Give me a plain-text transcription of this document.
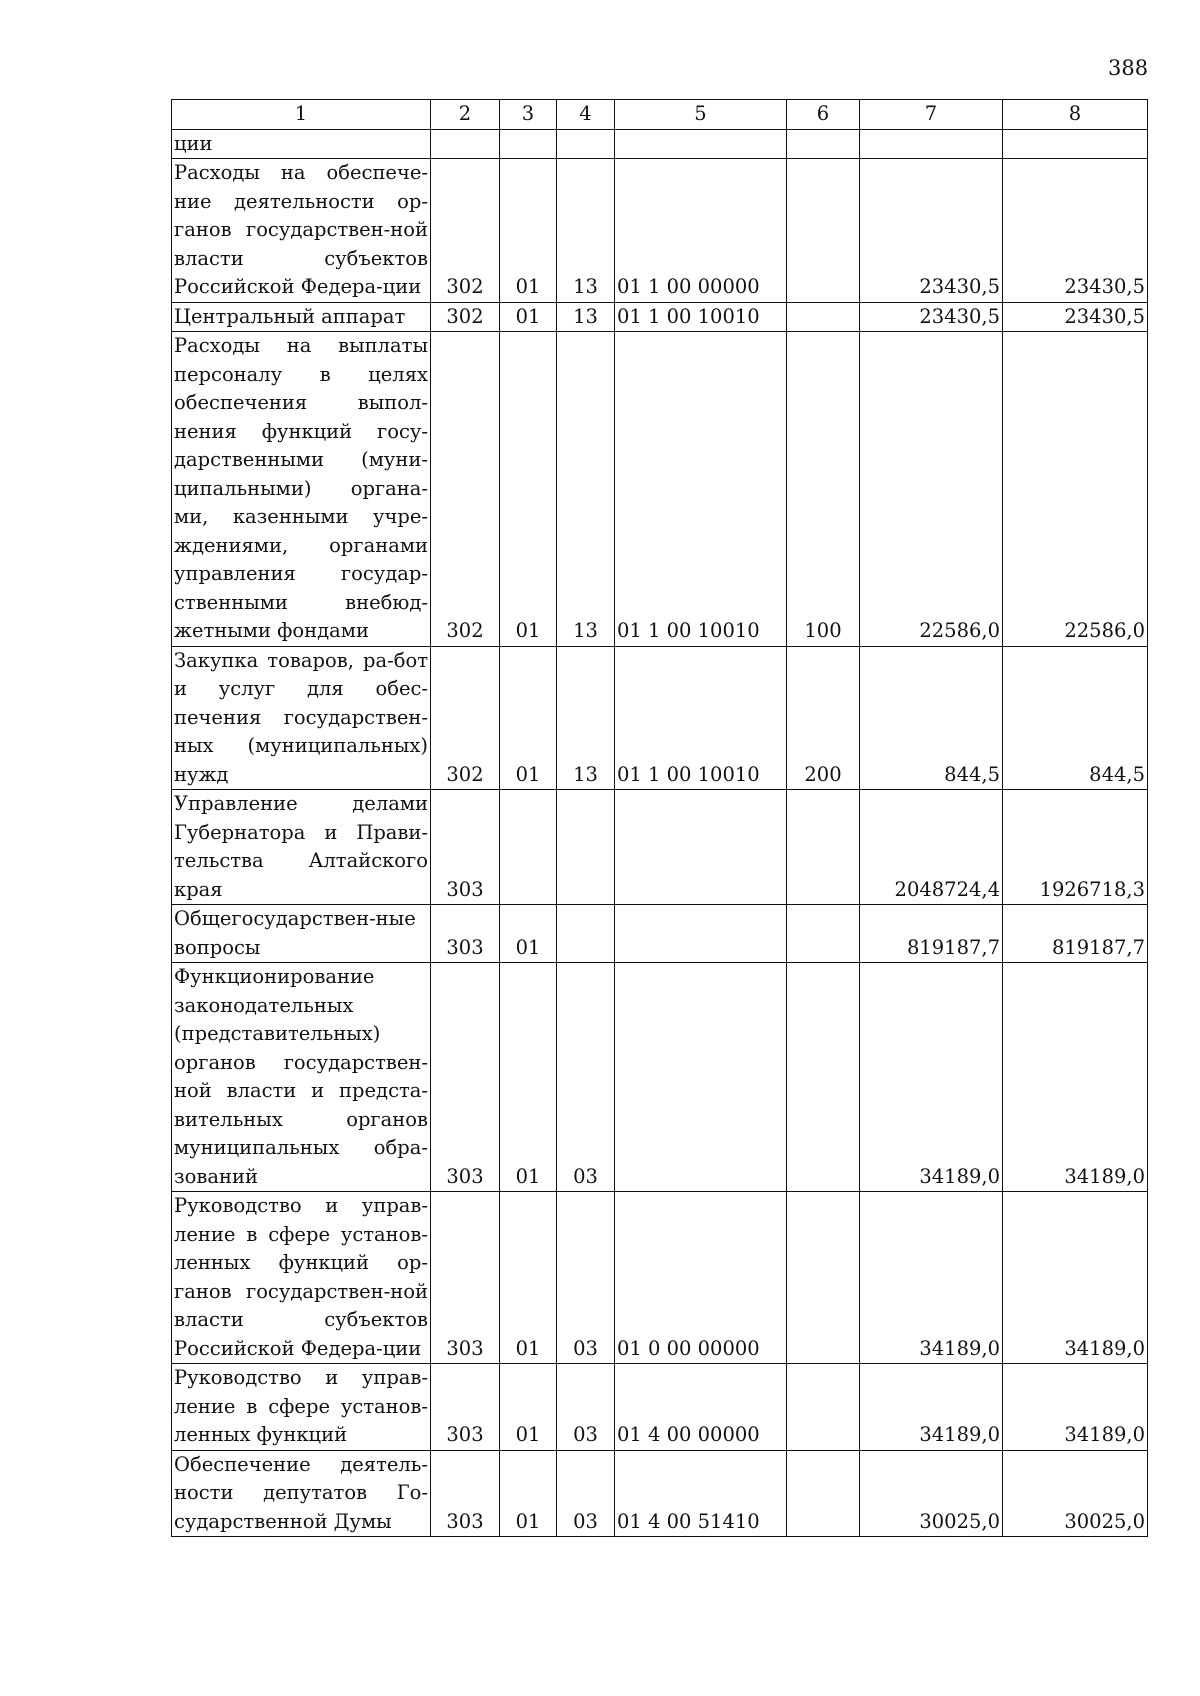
388
1	2	3	4	5	6	7	8
ции							
Расходы на обеспече-ние деятельности ор-ганов государствен-ной власти субъектов Российской Федера-ции	302	01	13	01 1 00 00000		23430,5	23430,5
Центральный аппарат	302	01	13	01 1 00 10010		23430,5	23430,5
Расходы на выплаты персоналу в целях обеспечения выпол-нения функций госу-дарственными (муни-ципальными) органа-ми, казенными учре-ждениями, органами управления государ-ственными внебюд-жетными фондами	302	01	13	01 1 00 10010	100	22586,0	22586,0
Закупка товаров, ра-бот и услуг для обес-печения государствен-ных (муниципальных) нужд	302	01	13	01 1 00 10010	200	844,5	844,5
Управление делами Губернатора и Прави-тельства Алтайского края	303					2048724,4	1926718,3
Общегосударствен-ные вопросы	303	01				819187,7	819187,7
Функционирование законодательных (представительных) органов государствен-ной власти и предста-вительных органов муниципальных обра-зований	303	01	03			34189,0	34189,0
Руководство и управ-ление в сфере установ-ленных функций ор-ганов государствен-ной власти субъектов Российской Федера-ции	303	01	03	01 0 00 00000		34189,0	34189,0
Руководство и управ-ление в сфере установ-ленных функций	303	01	03	01 4 00 00000		34189,0	34189,0
Обеспечение деятель-ности депутатов Го-сударственной Думы	303	01	03	01 4 00 51410		30025,0	30025,0
